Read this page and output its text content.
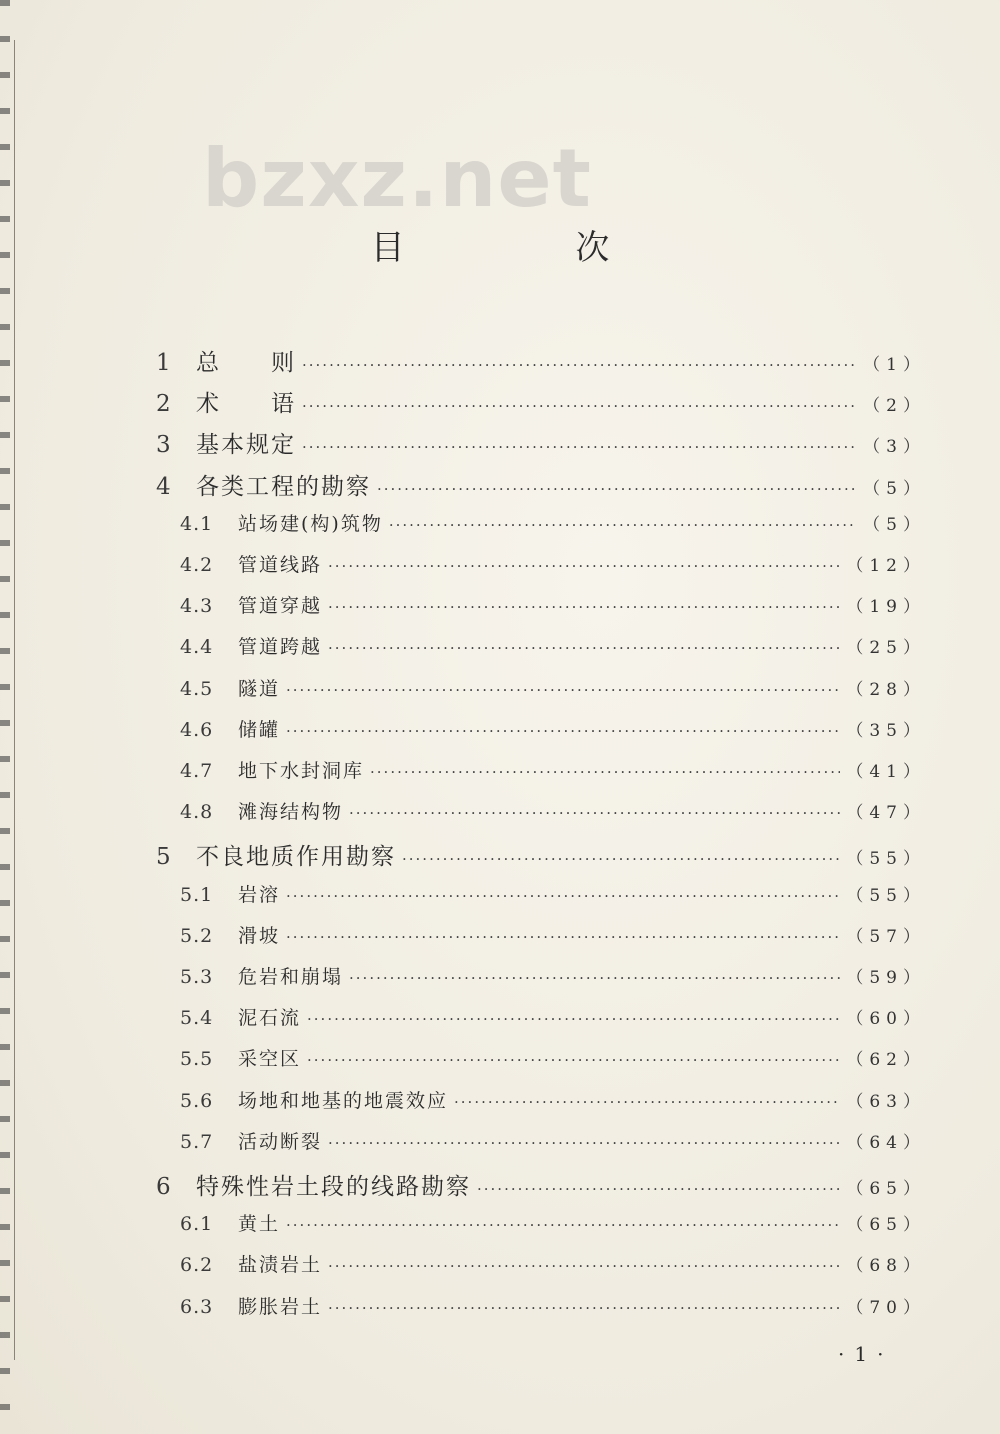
bzxz.net
目 次
1	总　　则 ·····	（1）
2	术　　语 ·····	（2）
3	基本规定 ·····	（3）
4	各类工程的勘察 ·····	（5）
4.1	站场建(构)筑物 ·····	（5）
4.2	管道线路 ·····	（12）
4.3	管道穿越 ·····	（19）
4.4	管道跨越 ·····	（25）
4.5	隧道 ·····	（28）
4.6	储罐 ·····	（35）
4.7	地下水封洞库 ·····	（41）
4.8	滩海结构物 ·····	（47）
5	不良地质作用勘察 ·····	（55）
5.1	岩溶 ·····	（55）
5.2	滑坡 ·····	（57）
5.3	危岩和崩塌 ·····	（59）
5.4	泥石流 ·····	（60）
5.5	采空区 ·····	（62）
5.6	场地和地基的地震效应 ·····	（63）
5.7	活动断裂 ·····	（64）
6	特殊性岩土段的线路勘察 ·····	（65）
6.1	黄土 ·····	（65）
6.2	盐渍岩土 ·····	（68）
6.3	膨胀岩土 ·····	（70）
·1·
